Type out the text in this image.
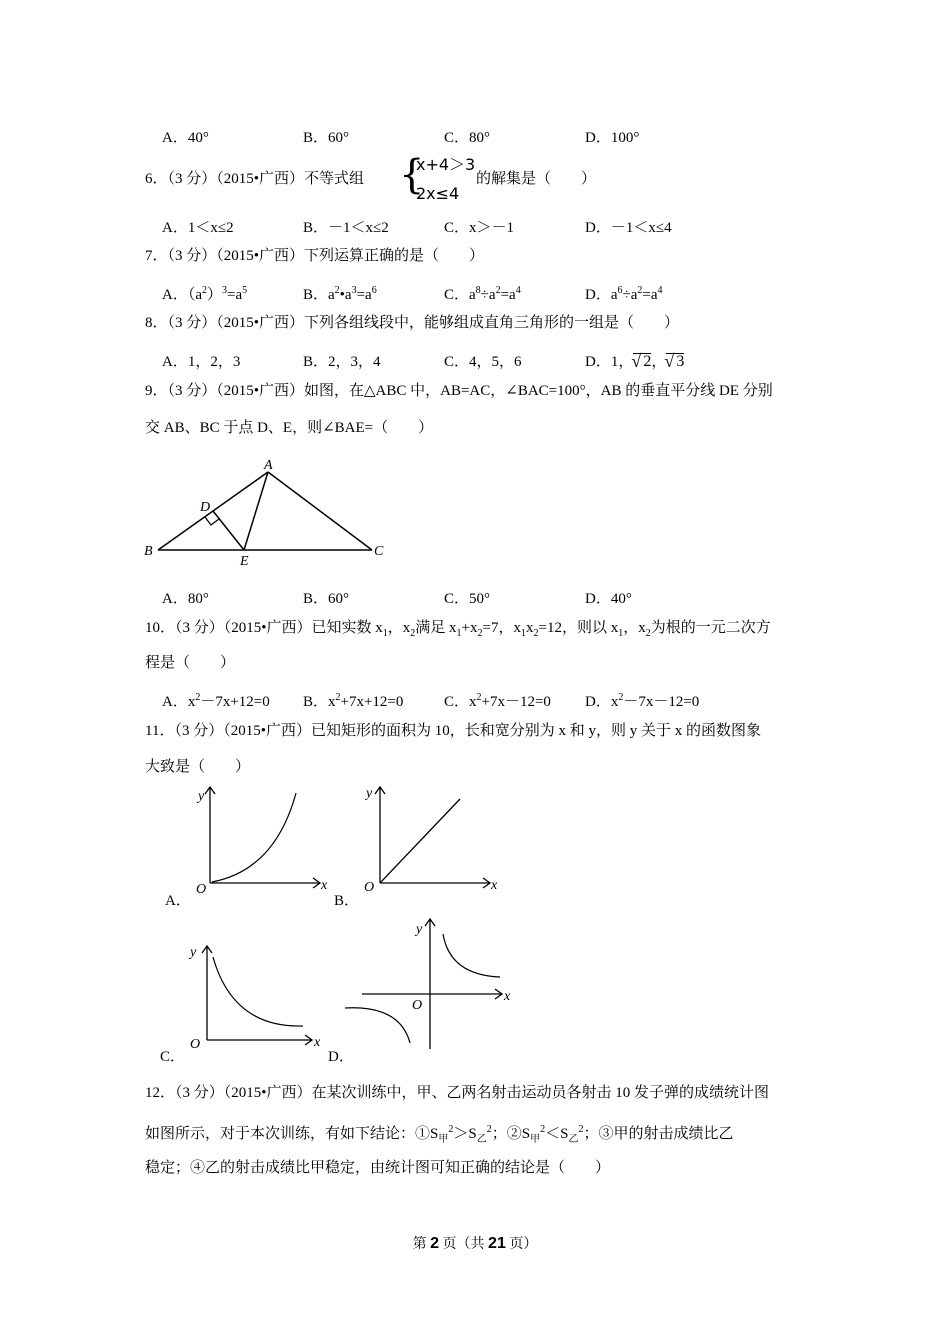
A．40°	B．60°	C．80°	D．100°
6．（3 分）（2015•广西）不等式组 {
x+4＞3
2x≤4
的解集是（　　）
A．1＜x≤2	B．－1＜x≤2	C．x＞－1	D．－1＜x≤4
7．（3 分）（2015•广西）下列运算正确的是（　　）
A．$(a^2)^3=a^5$	B．$a^2•a^3=a^6$	C．$a^8\div a^2=a^4$	D．$a^6\div a^2=a^4$
8．（3 分）（2015•广西）下列各组线段中，能够组成直角三角形的一组是（　　）
A．1，2，3	B．2，3，4	C．4，5，6	D．1，
√ 2，
√ 3
9．（3 分）（2015•广西）如图，在△ABC 中，AB=AC，∠BAC=100°，AB 的垂直平分线 DE 分别
交 AB、BC 于点 D、E，则∠BAE=（　　）
A
B	C
D
E
A．80°	B．60°	C．50°	D．40°
10．（3 分）（2015•广西）已知实数 $x_1$，$x_2$满足 $x_1+x_2=7$，$x_1x_2=12$，则以 $x_1$，$x_2$为根的一元二次方
程是（　　）
A．$x^2-7x+12=0$ B．$x^2+7x+12=0$	C．$x^2+7x-12=0$ D．$x^2-7x-12=0$
11．（3 分）（2015•广西）已知矩形的面积为 10，长和宽分别为 x 和 y，则 y 关于 x 的函数图象
大致是（　　）
y
x
O
A．
y
x
O
B．
y
x
O
C．
y
x
O
D．
12．（3 分）（2015•广西）在某次训练中，甲、乙两名射击运动员各射击 10 发子弹的成绩统计图
如图所示，对于本次训练，有如下结论：$①S_甲^2>S_乙^2$；$②S_甲^2<S_乙^2$；③甲的射击成绩比乙
稳定；④乙的射击成绩比甲稳定，由统计图可知正确的结论是（　　）
第 2 页（共 21 页）
